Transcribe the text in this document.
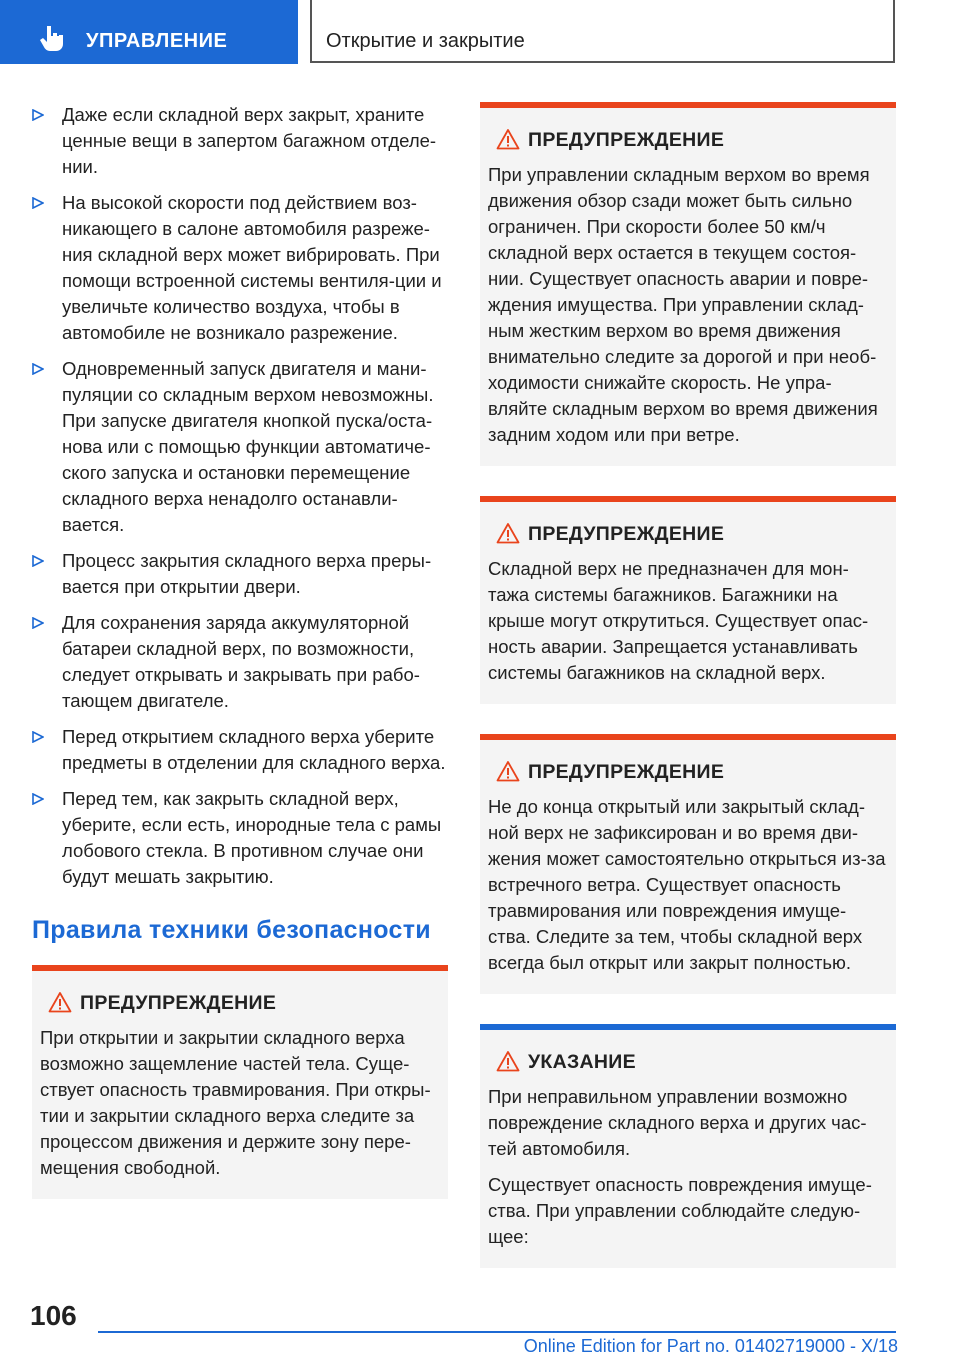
УПРАВЛЕНИЕ	Открытие и закрытие
Даже если складной верх закрыт, храните ценные вещи в запертом багажном отделе-нии.
На высокой скорости под действием воз-никающего в салоне автомобиля разреже-ния складной верх может вибрировать. При помощи встроенной системы вентиля-ции и увеличьте количество воздуха, чтобы в автомобиле не возникало разрежение.
Одновременный запуск двигателя и мани-пуляции со складным верхом невозможны. При запуске двигателя кнопкой пуска/оста-нова или с помощью функции автоматиче-ского запуска и остановки перемещение складного верха ненадолго останавли-вается.
Процесс закрытия складного верха преры-вается при открытии двери.
Для сохранения заряда аккумуляторной батареи складной верх, по возможности, следует открывать и закрывать при рабо-тающем двигателе.
Перед открытием складного верха уберите предметы в отделении для складного верха.
Перед тем, как закрыть складной верх, уберите, если есть, инородные тела с рамы лобового стекла. В противном случае они будут мешать закрытию.
Правила техники безопасности
ПРЕДУПРЕЖДЕНИЕ

При открытии и закрытии складного верха возможно защемление частей тела. Суще-ствует опасность травмирования. При откры-тии и закрытии складного верха следите за процессом движения и держите зону пере-мещения свободной.

ПРЕДУПРЕЖДЕНИЕ

При управлении складным верхом во время движения обзор сзади может быть сильно ограничен. При скорости более 50 км/ч складной верх остается в текущем состоя-нии. Существует опасность аварии и повре-ждения имущества. При управлении склад-ным жестким верхом во время движения внимательно следите за дорогой и при необ-ходимости снижайте скорость. Не упра-вляйте складным верхом во время движения задним ходом или при ветре.

ПРЕДУПРЕЖДЕНИЕ

Складной верх не предназначен для мон-тажа системы багажников. Багажники на крыше могут открутиться. Существует опас-ность аварии. Запрещается устанавливать системы багажников на складной верх.

ПРЕДУПРЕЖДЕНИЕ

Не до конца открытый или закрытый склад-ной верх не зафиксирован и во время дви-жения может самостоятельно открыться из-за встречного ветра. Существует опасность травмирования или повреждения имуще-ства. Следите за тем, чтобы складной верх всегда был открыт или закрыт полностью.

УКАЗАНИЕ

При неправильном управлении возможно повреждение складного верха и других час-тей автомобиля.

Существует опасность повреждения имуще-ства. При управлении соблюдайте следую-щее:

106
Online Edition for Part no. 01402719000 - X/18
